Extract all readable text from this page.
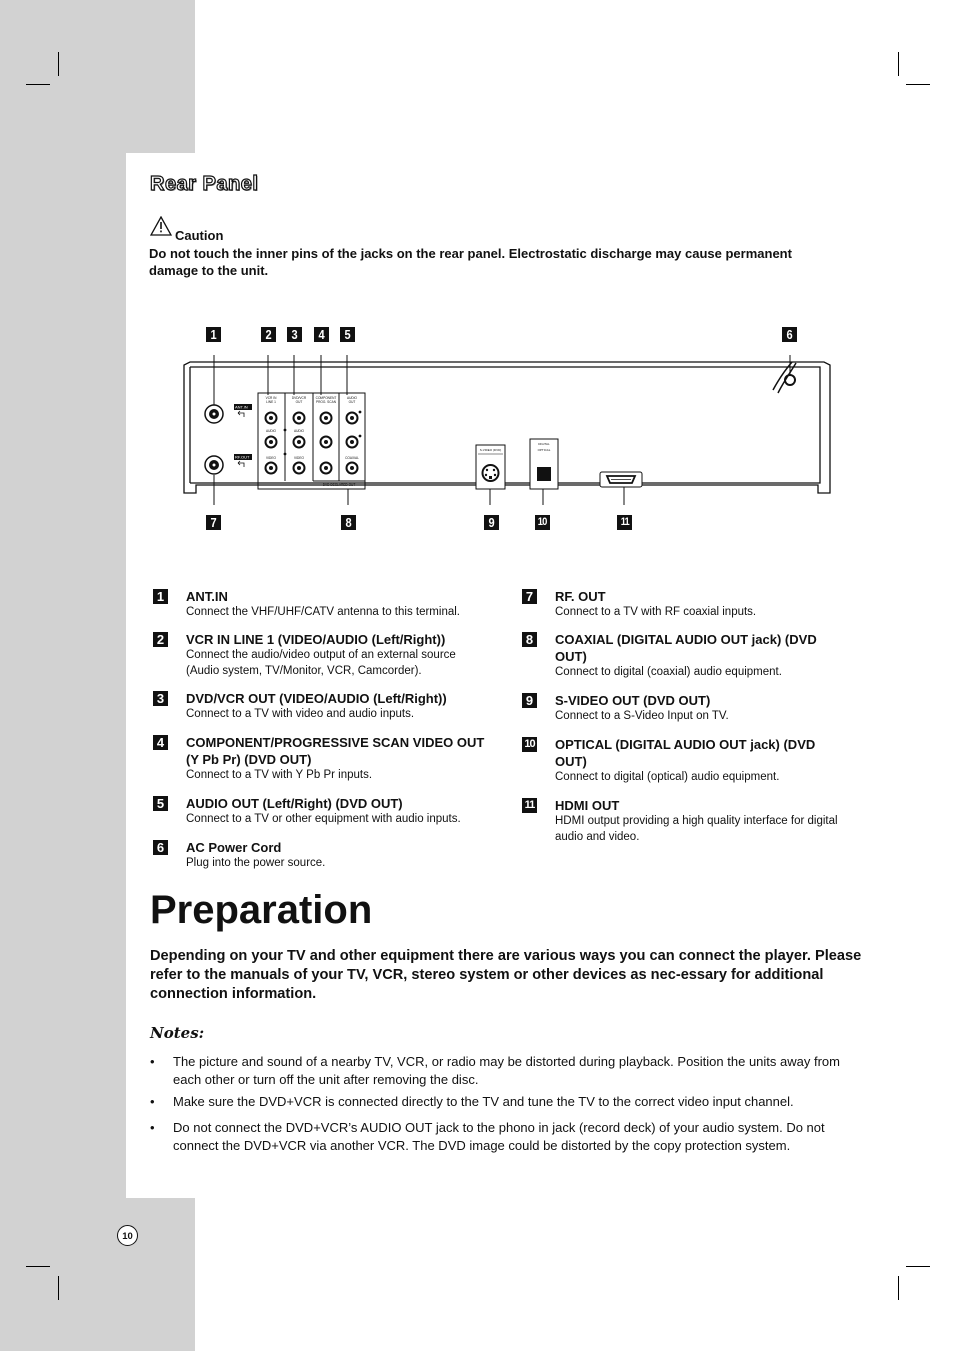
Rear Panel
Caution
Do not touch the inner pins of the jacks on the rear panel. Electrostatic discharge may cause permanent damage to the unit.
1	2	3	4	5	6
7	8	9	10	11
ANT.IN
RF.OUT
VCR IN
LINE 1
DVD/VCR
OUT
COMPONENT
PROG. SCAN
AUDIO
OUT
AUDIO	AUDIO
VIDEO	VIDEO	COAXIAL
DVD DECLARED OUT
S-VIDEO (DVD)
DIGITAL
OPTICAL
1 ANT.IN
Connect the VHF/UHF/CATV antenna to this terminal.
2 VCR IN LINE 1 (VIDEO/AUDIO (Left/Right))
Connect the audio/video output of an external source (Audio system, TV/Monitor, VCR, Camcorder).
3 DVD/VCR OUT (VIDEO/AUDIO (Left/Right))
Connect to a TV with video and audio inputs.
4 COMPONENT/PROGRESSIVE SCAN VIDEO OUT (Y Pb Pr) (DVD OUT)
Connect to a TV with Y Pb Pr inputs.
5 AUDIO OUT (Left/Right) (DVD OUT)
Connect to a TV or other equipment with audio inputs.
6 AC Power Cord
Plug into the power source.
7 RF. OUT
Connect to a TV with RF coaxial inputs.
8 COAXIAL (DIGITAL AUDIO OUT jack) (DVD OUT)
Connect to digital (coaxial) audio equipment.
9 S-VIDEO OUT (DVD OUT)
Connect to a S-Video Input on TV.
10 OPTICAL (DIGITAL AUDIO OUT jack) (DVD OUT)
Connect to digital (optical) audio equipment.
11 HDMI OUT
HDMI output providing a high quality interface for digital audio and video.
Preparation
Depending on your TV and other equipment there are various ways you can connect the player. Please refer to the manuals of your TV, VCR, stereo system or other devices as nec-essary for additional connection information.
Notes:
• The picture and sound of a nearby TV, VCR, or radio may be distorted during playback. Position the units away from each other or turn off the unit after removing the disc.
• Make sure the DVD+VCR is connected directly to the TV and tune the TV to the correct video input channel.
• Do not connect the DVD+VCR’s AUDIO OUT jack to the phono in jack (record deck) of your audio system. Do not connect the DVD+VCR via another VCR. The DVD image could be distorted by the copy protection system.
10
